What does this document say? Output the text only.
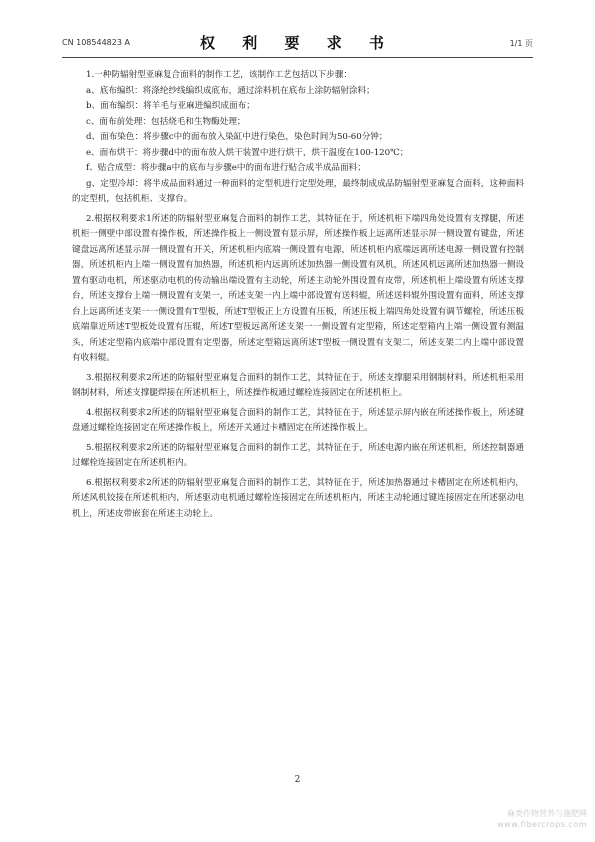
CN 108544823 A	权 利 要 求 书	1/1 页

1.一种防辐射型亚麻复合面料的制作工艺，该制作工艺包括以下步骤：

a、底布编织：将涤纶纱线编织成底布，通过涂料机在底布上涂防辐射涂料；

b、面布编织：将羊毛与亚麻进编织成面布；

c、面布前处理：包括烧毛和生物酶处理；

d、面布染色：将步骤c中的面布放入染缸中进行染色，染色时间为50-60分钟；

e、面布烘干：将步骤d中的面布放入烘干装置中进行烘干，烘干温度在100-120℃；

f、贴合成型：将步骤a中的底布与步骤e中的面布进行贴合成半成品面料；

g、定型冷却：将半成品面料通过一种面料的定型机进行定型处理，最终制成成品防辐射型亚麻复合面料，这种面料的定型机，包括机柜、支撑台。

2.根据权利要求1所述的防辐射型亚麻复合面料的制作工艺，其特征在于，所述机柜下端四角处设置有支撑腿，所述机柜一侧壁中部设置有操作板，所述操作板上一侧设置有显示屏，所述操作板上远离所述显示屏一侧设置有键盘，所述键盘远离所述显示屏一侧设置有开关，所述机柜内底端一侧设置有电源，所述机柜内底端远离所述电源一侧设置有控制器，所述机柜内上端一侧设置有加热器，所述机柜内远离所述加热器一侧设置有风机，所述风机远离所述加热器一侧设置有驱动电机，所述驱动电机的传动输出端设置有主动轮，所述主动轮外围设置有皮带，所述机柜上端设置有所述支撑台，所述支撑台上端一侧设置有支架一，所述支架一内上端中部设置有送料辊，所述送料辊外围设置有面料，所述支撑台上远离所述支架一一侧设置有T型板，所述T型板正上方设置有压板，所述压板上端四角处设置有调节螺栓，所述压板底端靠近所述T型板处设置有压辊，所述T型板远离所述支架一一侧设置有定型箱，所述定型箱内上端一侧设置有测温头，所述定型箱内底端中部设置有定型器，所述定型箱远离所述T型板一侧设置有支架二，所述支架二内上端中部设置有收料辊。

3.根据权利要求2所述的防辐射型亚麻复合面料的制作工艺，其特征在于，所述支撑腿采用钢制材料，所述机柜采用钢制材料，所述支撑腿焊接在所述机柜上，所述操作板通过螺栓连接固定在所述机柜上。

4.根据权利要求2所述的防辐射型亚麻复合面料的制作工艺，其特征在于，所述显示屏内嵌在所述操作板上，所述键盘通过螺栓连接固定在所述操作板上，所述开关通过卡槽固定在所述操作板上。

5.根据权利要求2所述的防辐射型亚麻复合面料的制作工艺，其特征在于，所述电源内嵌在所述机柜，所述控制器通过螺栓连接固定在所述机柜内。

6.根据权利要求2所述的防辐射型亚麻复合面料的制作工艺，其特征在于，所述加热器通过卡槽固定在所述机柜内，所述风机铰接在所述机柜内，所述驱动电机通过螺栓连接固定在所述机柜内，所述主动轮通过键连接固定在所述驱动电机上，所述皮带嵌套在所述主动轮上。

2
麻类作物营养与施肥网
www.fibercrops.com
